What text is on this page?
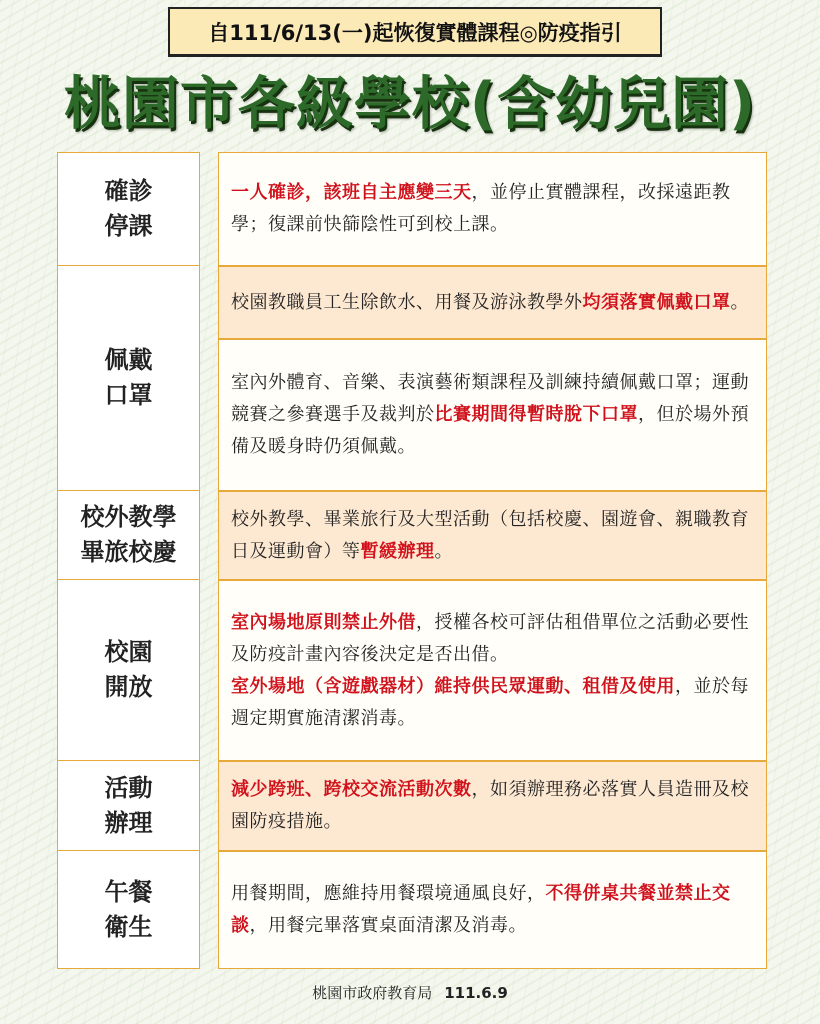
自111/6/13(一)起恢復實體課程◎防疫指引
桃園市各級學校(含幼兒園)
確診
停課
佩戴
口罩
校外教學
畢旅校慶
校園
開放
活動
辦理
午餐
衛生
一人確診，該班自主應變三天，並停止實體課程，改採遠距教學；復課前快篩陰性可到校上課。
校園教職員工生除飲水、用餐及游泳教學外均須落實佩戴口罩。
室內外體育、音樂、表演藝術類課程及訓練持續佩戴口罩；運動競賽之參賽選手及裁判於比賽期間得暫時脫下口罩，但於場外預備及暖身時仍須佩戴。
校外教學、畢業旅行及大型活動（包括校慶、園遊會、親職教育日及運動會）等暫緩辦理。
室內場地原則禁止外借，授權各校可評估租借單位之活動必要性及防疫計畫內容後決定是否出借。
室外場地（含遊戲器材）維持供民眾運動、租借及使用，並於每週定期實施清潔消毒。
減少跨班、跨校交流活動次數，如須辦理務必落實人員造冊及校園防疫措施。
用餐期間，應維持用餐環境通風良好，不得併桌共餐並禁止交談，用餐完畢落實桌面清潔及消毒。
桃園市政府教育局 111.6.9
